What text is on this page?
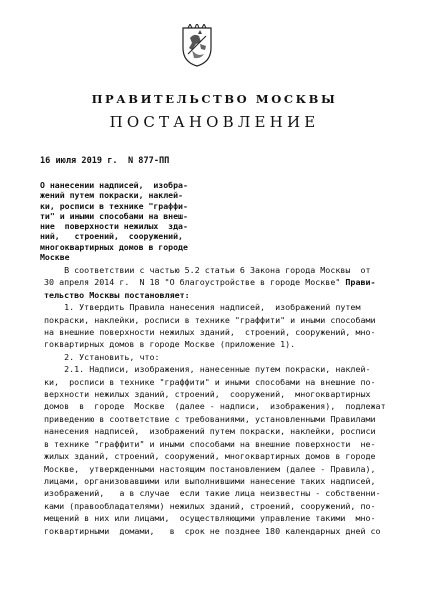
ПРАВИТЕЛЬСТВО МОСКВЫ
ПОСТАНОВЛЕНИЕ
16 июля 2019 г.  N 877-ПП
О нанесении надписей,  изобра-
жений путем покраски, наклей-
ки, росписи в технике "граффи-
ти" и иными способами на внеш-
ние  поверхности нежилых  зда-
ний,   строений,  сооружений,
многоквартирных домов в городе
Москве
В соответствии с частью 5.2 статьи 6 Закона города Москвы  от
30 апреля 2014 г.  N 18 "О благоустройстве в городе Москве" Прави-
тельство Москвы постановляет:
1. Утвердить Правила нанесения надписей,  изображений путем
покраски, наклейки, росписи в технике "граффити" и иными способами
на внешние поверхности нежилых зданий,  строений, сооружений, мно-
гоквартирных домов в городе Москве (приложение 1).
2. Установить, что:
2.1. Надписи, изображения, нанесенные путем покраски, наклей-
ки,  росписи в технике "граффити" и иными способами на внешние по-
верхности нежилых зданий, строений,  сооружений,  многоквартирных
домов  в  городе  Москве  (далее - надписи,  изображения),  подлежат
приведению в соответствие с требованиями, установленными Правилами
нанесения надписей,  изображений путем покраски, наклейки, росписи
в технике "граффити" и иными способами на внешние поверхности  не-
жилых зданий, строений, сооружений, многоквартирных домов в городе
Москве,  утвержденными настоящим постановлением (далее - Правила),
лицами, организовавшими или выполнившими нанесение таких надписей,
изображений,   а в случае  если такие лица неизвестны - собственни-
ками (правообладателями) нежилых зданий, строений, сооружений, по-
мещений в них или лицами,  осуществляющими управление такими  мно-
гоквартирными  домами,   в  срок не позднее 180 календарных дней со
